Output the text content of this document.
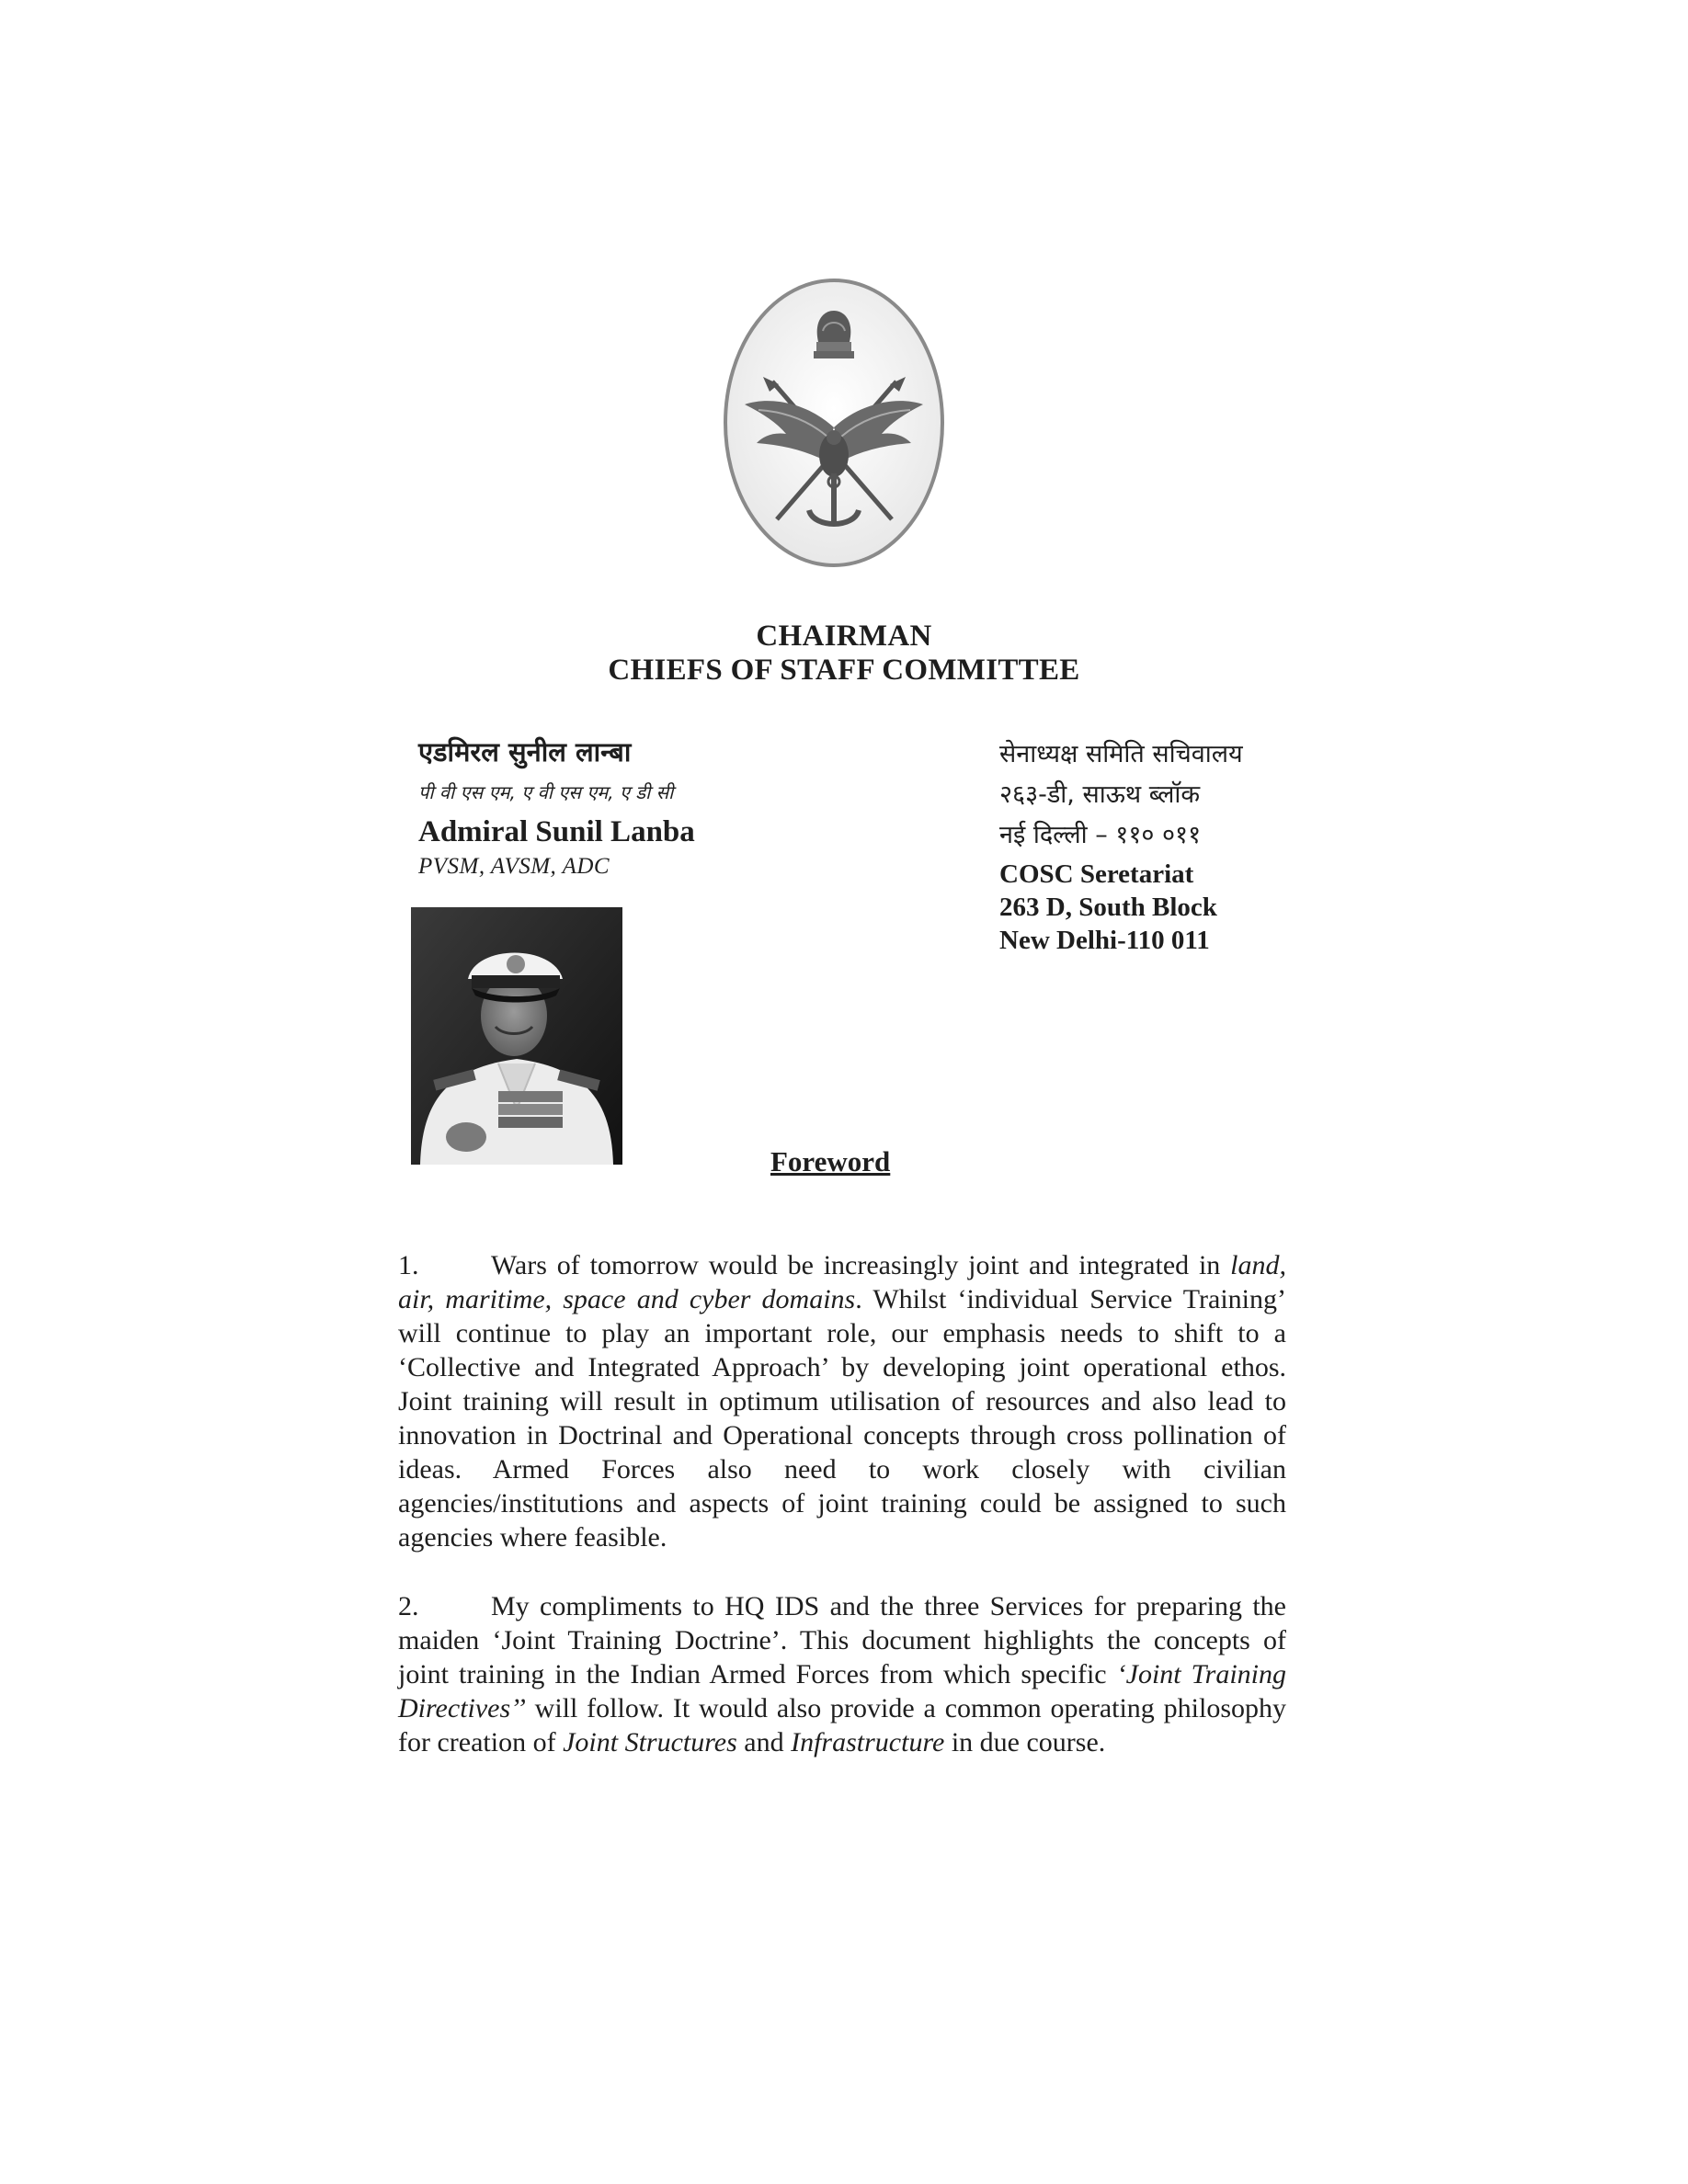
CHAIRMAN
CHIEFS OF STAFF COMMITTEE
एडमिरल सुनील लान्बा
पी वी एस एम, ए वी एस एम, ए डी सी
Admiral Sunil Lanba
PVSM, AVSM, ADC
सेनाध्यक्ष समिति सचिवालय
२६३-डी, साऊथ ब्लॉक
नई दिल्ली – ११० ०११
COSC Seretariat
263 D, South Block
New Delhi-110 011
Foreword
1.	Wars of tomorrow would be increasingly joint and integrated in land, air, maritime, space and cyber domains. Whilst ‘individual Service Training’ will continue to play an important role, our emphasis needs to shift to a ‘Collective and Integrated Approach’ by developing joint operational ethos. Joint training will result in optimum utilisation of resources and also lead to innovation in Doctrinal and Operational concepts through cross pollination of ideas. Armed Forces also need to work closely with civilian agencies/institutions and aspects of joint training could be assigned to such agencies where feasible.
2.	My compliments to HQ IDS and the three Services for preparing the maiden ‘Joint Training Doctrine’. This document highlights the concepts of joint training in the Indian Armed Forces from which specific ‘Joint Training Directives’’ will follow. It would also provide a common operating philosophy for creation of Joint Structures and Infrastructure in due course.
